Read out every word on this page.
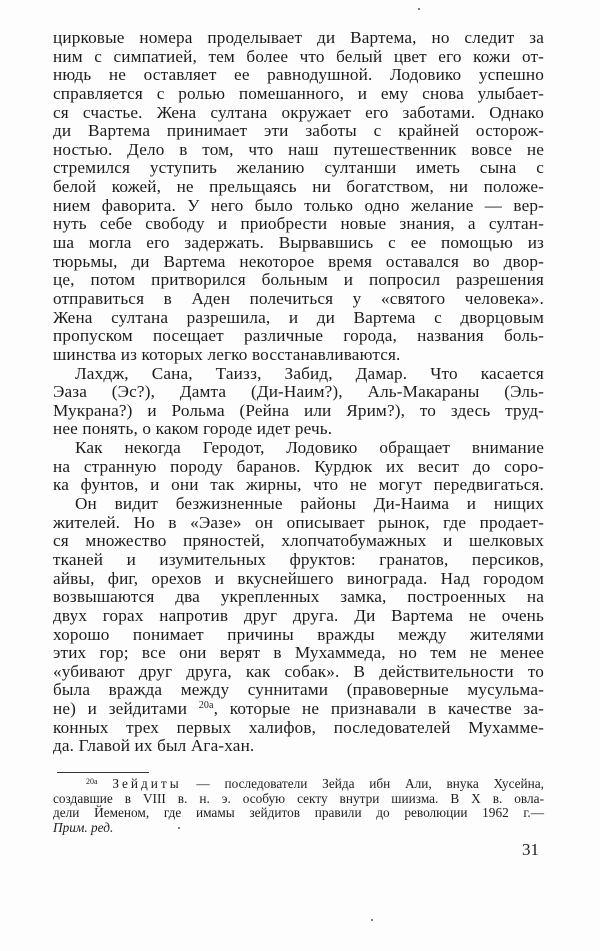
цирковые номера проделывает ди Вартема, но следит за
ним с симпатией, тем более что белый цвет его кожи от-
нюдь не оставляет ее равнодушной. Лодовико успешно
справляется с ролью помешанного, и ему снова улыбает-
ся счастье. Жена султана окружает его заботами. Однако
ди Вартема принимает эти заботы с крайней осторож-
ностью. Дело в том, что наш путешественник вовсе не
стремился уступить желанию султанши иметь сына с
белой кожей, не прельщаясь ни богатством, ни положе-
нием фаворита. У него было только одно желание — вер-
нуть себе свободу и приобрести новые знания, а султан-
ша могла его задержать. Вырвавшись с ее помощью из
тюрьмы, ди Вартема некоторое время оставался во двор-
це, потом притворился больным и попросил разрешения
отправиться в Аден полечиться у «святого человека».
Жена султана разрешила, и ди Вартема с дворцовым
пропуском посещает различные города, названия боль-
шинства из которых легко восстанавливаются.
Лахдж, Сана, Таизз, Забид, Дамар. Что касается
Эаза (Эс?), Дамта (Ди-Наим?), Аль-Макараны (Эль-
Мукрана?) и Рольма (Рейна или Ярим?), то здесь труд-
нее понять, о каком городе идет речь.
Как некогда Геродот, Лодовико обращает внимание
на странную породу баранов. Курдюк их весит до соро-
ка фунтов, и они так жирны, что не могут передвигаться.
Он видит безжизненные районы Ди-Наима и нищих
жителей. Но в «Эазе» он описывает рынок, где продает-
ся множество пряностей, хлопчатобумажных и шелковых
тканей и изумительных фруктов: гранатов, персиков,
айвы, фиг, орехов и вкуснейшего винограда. Над городом
возвышаются два укрепленных замка, построенных на
двух горах напротив друг друга. Ди Вартема не очень
хорошо понимает причины вражды между жителями
этих гор; все они верят в Мухаммеда, но тем не менее
«убивают друг друга, как собак». В действительности то
была вражда между суннитами (правоверные мусульма-
не) и зейдитами $^{20a}$, которые не признавали в качестве за-
конных трех первых халифов, последователей Мухамме-
да. Главой их был Ага-хан.
$^{20a}$ Зейдиты — последователи Зейда ибн Али, внука Хусейна,
создавшие в VIII в. н. э. особую секту внутри шиизма. В X в. овла-
дели Йеменом, где имамы зейдитов правили до революции 1962 г.—
Прим. ред.
31
